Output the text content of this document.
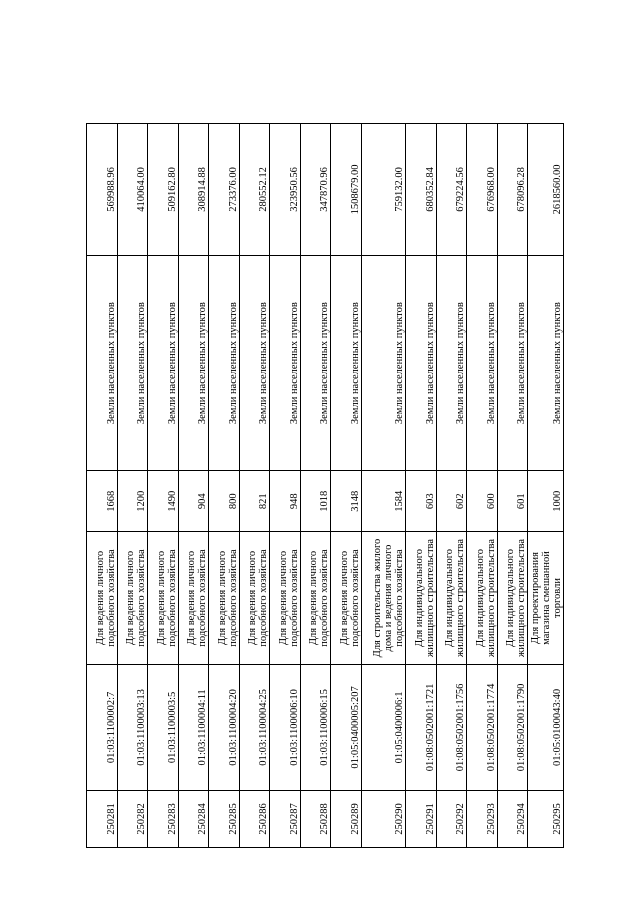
250281	01:03:1100002:7	Для ведения личного подсобного хозяйства	1668	Земли населенных пунктов	569988.96
250282	01:03:1100003:13	Для ведения личного подсобного хозяйства	1200	Земли населенных пунктов	410064.00
250283	01:03:1100003:5	Для ведения личного подсобного хозяйства	1490	Земли населенных пунктов	509162.80
250284	01:03:1100004:11	Для ведения личного подсобного хозяйства	904	Земли населенных пунктов	308914.88
250285	01:03:1100004:20	Для ведения личного подсобного хозяйства	800	Земли населенных пунктов	273376.00
250286	01:03:1100004:25	Для ведения личного подсобного хозяйства	821	Земли населенных пунктов	280552.12
250287	01:03:1100006:10	Для ведения личного подсобного хозяйства	948	Земли населенных пунктов	323950.56
250288	01:03:1100006:15	Для ведения личного подсобного хозяйства	1018	Земли населенных пунктов	347870.96
250289	01:05:0400005:207	Для ведения личного подсобного хозяйства	3148	Земли населенных пунктов	1508679.00
250290	01:05:0400006:1	Для строительства жилого дома и ведения личного подсобного хозяйства	1584	Земли населенных пунктов	759132.00
250291	01:08:0502001:1721	Для индивидуального жилищного строительства	603	Земли населенных пунктов	680352.84
250292	01:08:0502001:1756	Для индивидуального жилищного строительства	602	Земли населенных пунктов	679224.56
250293	01:08:0502001:1774	Для индивидуального жилищного строительства	600	Земли населенных пунктов	676968.00
250294	01:08:0502001:1790	Для индивидуального жилищного строительства	601	Земли населенных пунктов	678096.28
250295	01:05:0100043:40	Для проектирования магазина смешанной торговли	1000	Земли населенных пунктов	2618560.00
